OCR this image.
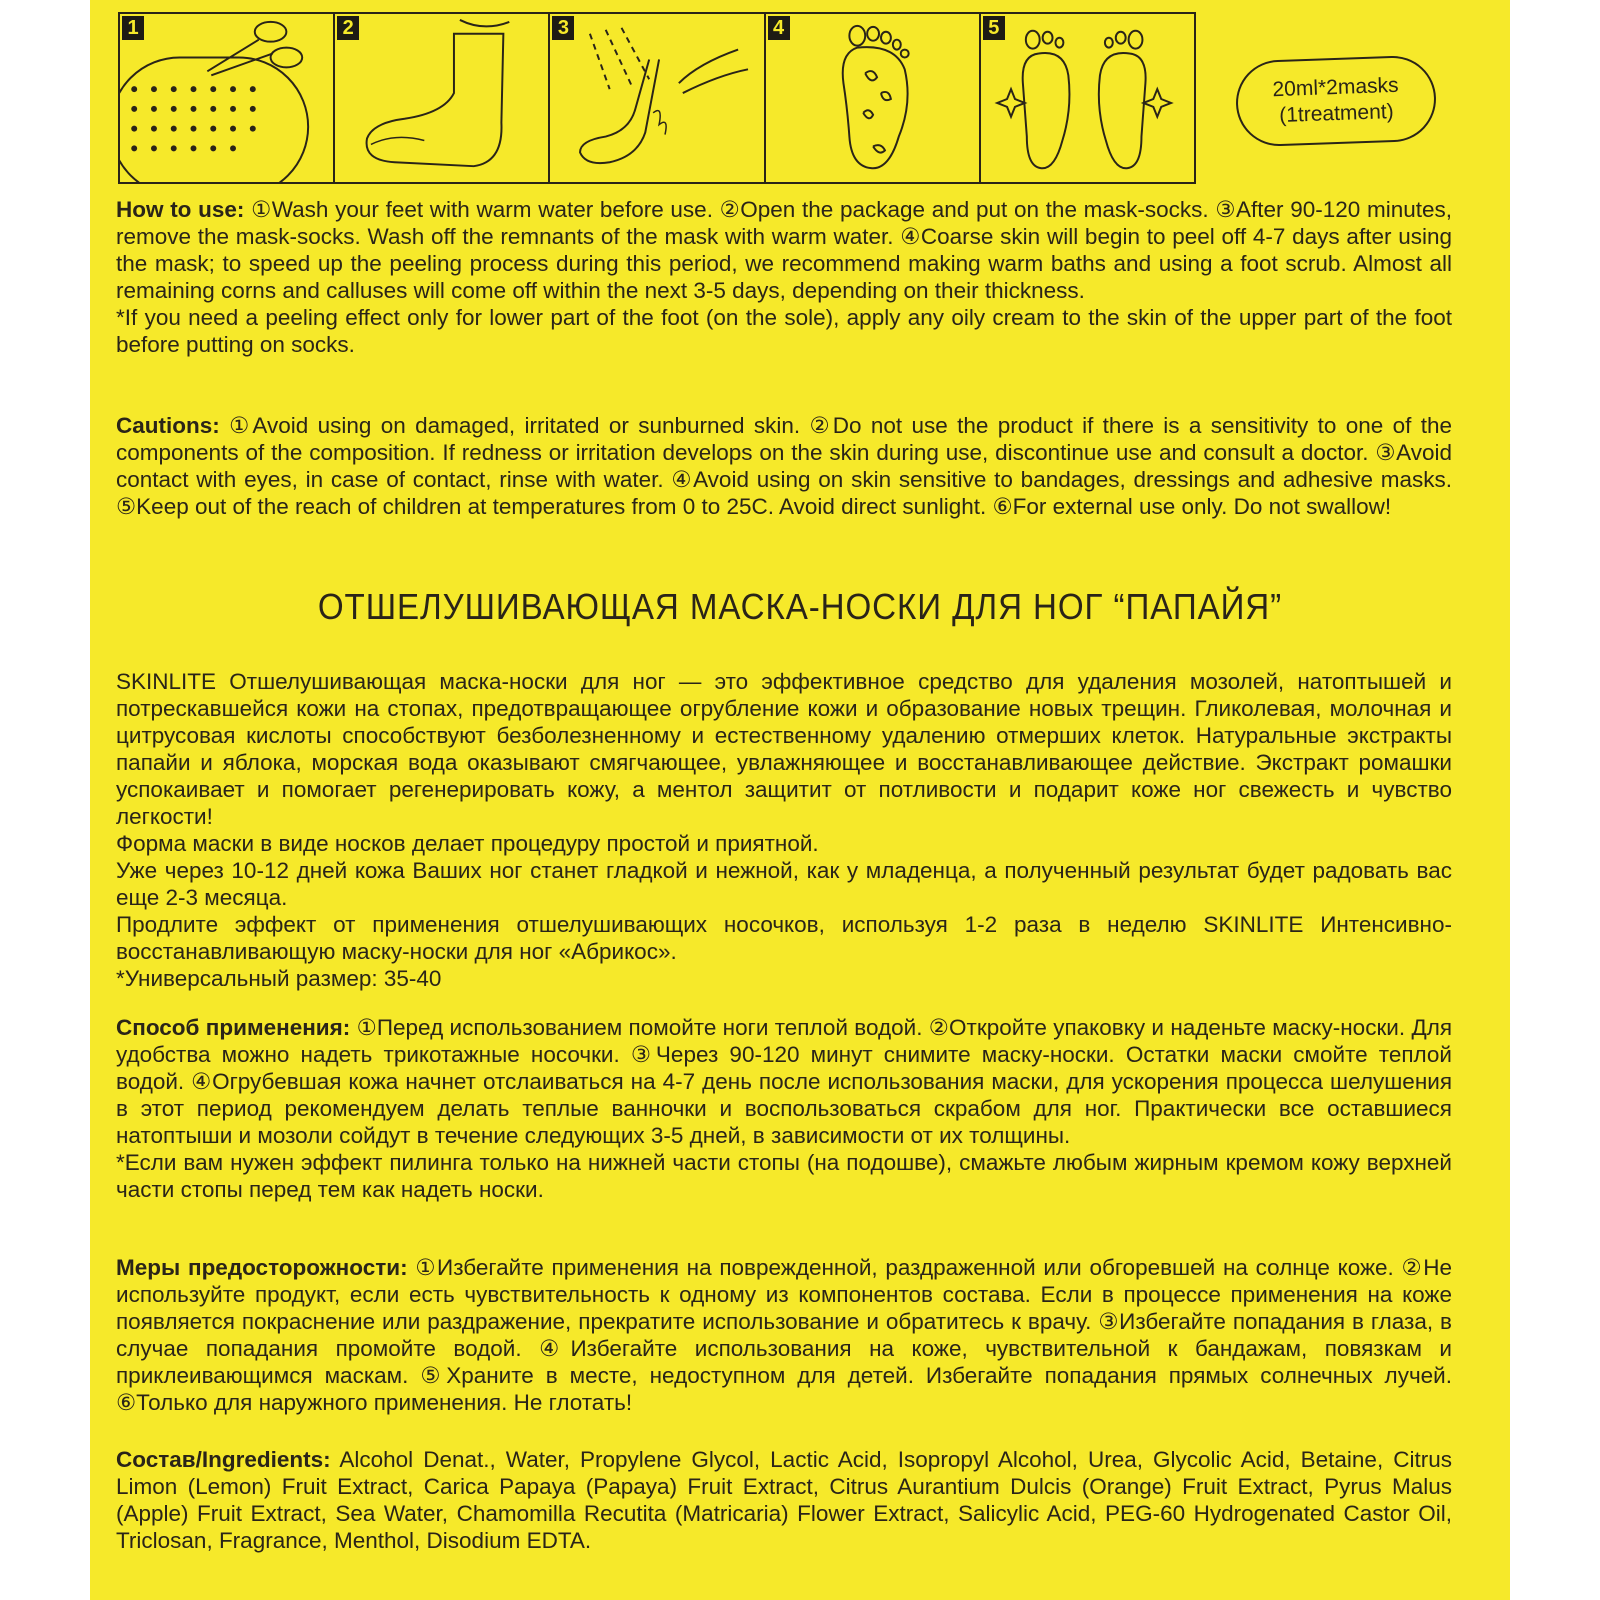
1	2	3	4	5
20ml*2masks
(1treatment)

How to use: ①Wash your feet with warm water before use. ②Open the package and put on the mask-socks. ③After 90-120 minutes, remove the mask-socks. Wash off the remnants of the mask with warm water. ④Coarse skin will begin to peel off 4-7 days after using the mask; to speed up the peeling process during this period, we recommend making warm baths and using a foot scrub. Almost all remaining corns and calluses will come off within the next 3-5 days, depending on their thickness.

*If you need a peeling effect only for lower part of the foot (on the sole), apply any oily cream to the skin of the upper part of the foot before putting on socks.

Cautions: ①Avoid using on damaged, irritated or sunburned skin. ②Do not use the product if there is a sensitivity to one of the components of the composition. If redness or irritation develops on the skin during use, discontinue use and consult a doctor. ③Avoid contact with eyes, in case of contact, rinse with water. ④Avoid using on skin sensitive to bandages, dressings and adhesive masks. ⑤Keep out of the reach of children at temperatures from 0 to 25C. Avoid direct sunlight. ⑥For external use only. Do not swallow!

ОТШЕЛУШИВАЮЩАЯ МАСКА-НОСКИ ДЛЯ НОГ “ПАПАЙЯ”

SKINLITE Отшелушивающая маска-носки для ног — это эффективное средство для удаления мозолей, натоптышей и потрескавшейся кожи на стопах, предотвращающее огрубление кожи и образование новых трещин. Гликолевая, молочная и цитрусовая кислоты способствуют безболезненному и естественному удалению отмерших клеток. Натуральные экстракты папайи и яблока, морская вода оказывают смягчающее, увлажняющее и восстанавливающее действие. Экстракт ромашки успокаивает и помогает регенерировать кожу, а ментол защитит от потливости и подарит коже ног свежесть и чувство легкости!

Форма маски в виде носков делает процедуру простой и приятной.

Уже через 10-12 дней кожа Ваших ног станет гладкой и нежной, как у младенца, а полученный результат будет радовать вас еще 2-3 месяца.

Продлите эффект от применения отшелушивающих носочков, используя 1-2 раза в неделю SKINLITE Интенсивно-восстанавливающую маску-носки для ног «Абрикос».

*Универсальный размер: 35-40

Способ применения: ①Перед использованием помойте ноги теплой водой. ②Откройте упаковку и наденьте маску-носки. Для удобства можно надеть трикотажные носочки. ③Через 90-120 минут снимите маску-носки. Остатки маски смойте теплой водой. ④Огрубевшая кожа начнет отслаиваться на 4-7 день после использования маски, для ускорения процесса шелушения в этот период рекомендуем делать теплые ванночки и воспользоваться скрабом для ног. Практически все оставшиеся натоптыши и мозоли сойдут в течение следующих 3-5 дней, в зависимости от их толщины.

*Если вам нужен эффект пилинга только на нижней части стопы (на подошве), смажьте любым жирным кремом кожу верхней части стопы перед тем как надеть носки.

Меры предосторожности: ①Избегайте применения на поврежденной, раздраженной или обгоревшей на солнце коже. ②Не используйте продукт, если есть чувствительность к одному из компонентов состава. Если в процессе применения на коже появляется покраснение или раздражение, прекратите использование и обратитесь к врачу. ③Избегайте попадания в глаза, в случае попадания промойте водой. ④Избегайте использования на коже, чувствительной к бандажам, повязкам и приклеивающимся маскам. ⑤Храните в месте, недоступном для детей. Избегайте попадания прямых солнечных лучей. ⑥Только для наружного применения. Не глотать!

Состав/Ingredients: Alcohol Denat., Water, Propylene Glycol, Lactic Acid, Isopropyl Alcohol, Urea, Glycolic Acid, Betaine, Citrus Limon (Lemon) Fruit Extract, Carica Papaya (Papaya) Fruit Extract, Citrus Aurantium Dulcis (Orange) Fruit Extract, Pyrus Malus (Apple) Fruit Extract, Sea Water, Chamomilla Recutita (Matricaria) Flower Extract, Salicylic Acid, PEG-60 Hydrogenated Castor Oil, Triclosan, Fragrance, Menthol, Disodium EDTA.
